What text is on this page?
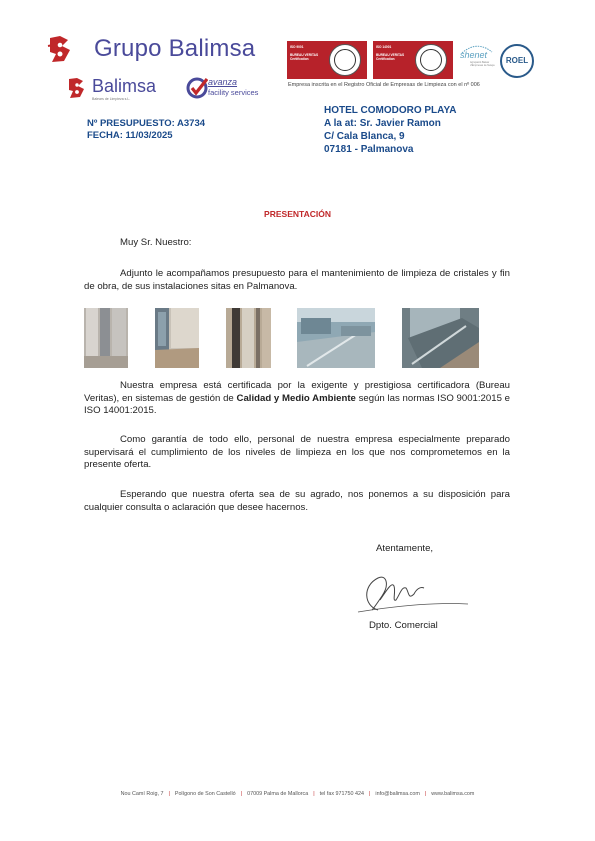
Grupo Balimsa
Balimsa
Balears de Limpieza s.L.
avanza
facility services
ISO 9001
BUREAU VERITAS
Certification
ISO 14001
BUREAU VERITAS
Certification	shenet
Agrupació Balear d'Empresas de Neteja
ROEL
Empresa inscrita en el Registro Oficial de Empresas de Limpieza con el nº 006
Nº PRESUPUESTO: A3734
FECHA: 11/03/2025
HOTEL COMODORO PLAYA
A la at: Sr. Javier Ramon
C/ Cala Blanca, 9
07181 - Palmanova
PRESENTACIÓN
Muy Sr. Nuestro:
Adjunto le acompañamos presupuesto para el mantenimiento de limpieza de cristales y fin de obra, de sus instalaciones sitas en Palmanova.
Nuestra empresa está certificada por la exigente y prestigiosa certificadora (Bureau Veritas), en sistemas de gestión de Calidad y Medio Ambiente según las normas ISO 9001:2015 e ISO 14001:2015.
Como garantía de todo ello, personal de nuestra empresa especialmente preparado supervisará el cumplimiento de los niveles de limpieza en los que nos comprometemos en la presente oferta.
Esperando que nuestra oferta sea de su agrado, nos ponemos a su disposición para cualquier consulta o aclaración que desee hacernos.
Atentamente,
Dpto. Comercial
Nou Camí Roig, 7 | Polígono de Son Castelló | 07009 Palma de Mallorca | tel fax 971750 424 | info@balimsa.com | www.balimsa.com
